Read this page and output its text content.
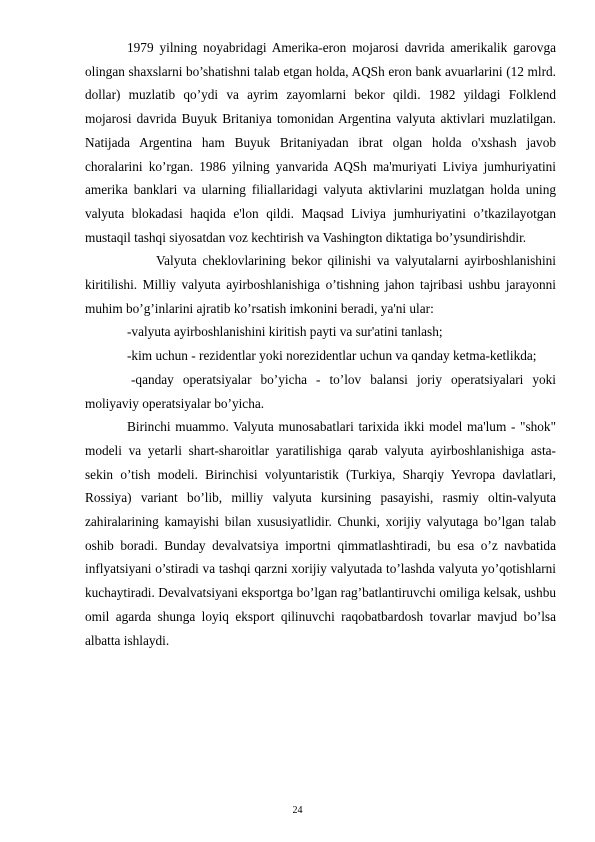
1979 yilning noyabridagi Amerika-eron mojarosi davrida amerikalik garovga olingan shaxslarni bo’shatishni talab etgan holda, AQSh eron bank avuarlarini (12 mlrd. dollar) muzlatib qo’ydi va ayrim zayomlarni bekor qildi. 1982 yildagi Folklend mojarosi davrida Buyuk Britaniya tomonidan Argentina valyuta aktivlari muzlatilgan. Natijada Argentina ham Buyuk Britaniyadan ibrat olgan holda o'xshash javob choralarini ko’rgan. 1986 yilning yanvarida AQSh ma'muriyati Liviya jumhuriyatini amerika banklari va ularning filiallaridagi valyuta aktivlarini muzlatgan holda uning valyuta blokadasi haqida e'lon qildi. Maqsad Liviya jumhuriyatini o’tkazilayotgan mustaqil tashqi siyosatdan voz kechtirish va Vashington diktatiga bo’ysundirishdir.

Valyuta cheklovlarining bekor qilinishi va valyutalarni ayirboshlanishini kiritilishi. Milliy valyuta ayirboshlanishiga o’tishning jahon tajribasi ushbu jarayonni muhim bo’g’inlarini ajratib ko’rsatish imkonini beradi, ya'ni ular:

-valyuta ayirboshlanishini kiritish payti va sur'atini tanlash;

-kim uchun - rezidentlar yoki norezidentlar uchun va qanday ketma-ketlikda;

-qanday operatsiyalar bo’yicha - to’lov balansi joriy operatsiyalari yoki moliyaviy operatsiyalar bo’yicha.

Birinchi muammo. Valyuta munosabatlari tarixida ikki model ma'lum - "shok" modeli va yetarli shart-sharoitlar yaratilishiga qarab valyuta ayirboshlanishiga asta-sekin o’tish modeli. Birinchisi volyuntaristik (Turkiya, Sharqiy Yevropa davlatlari, Rossiya) variant bo’lib, milliy valyuta kursining pasayishi, rasmiy oltin-valyuta zahiralarining kamayishi bilan xususiyatlidir. Chunki, xorijiy valyutaga bo’lgan talab oshib boradi. Bunday devalvatsiya importni qimmatlashtiradi, bu esa o’z navbatida inflyatsiyani o’stiradi va tashqi qarzni xorijiy valyutada to’lashda valyuta yo’qotishlarni kuchaytiradi. Devalvatsiyani eksportga bo’lgan rag’batlantiruvchi omiliga kelsak, ushbu omil agarda shunga loyiq eksport qilinuvchi raqobatbardosh tovarlar mavjud bo’lsa albatta ishlaydi.

24
